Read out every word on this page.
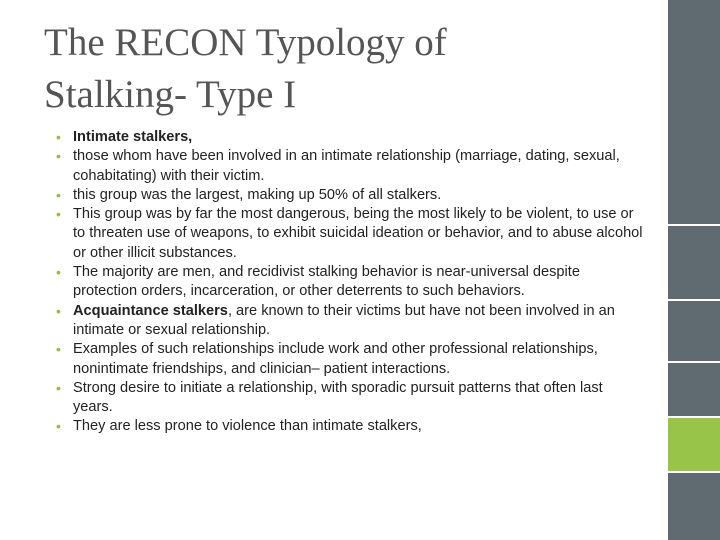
The RECON Typology of
Stalking- Type I
• Intimate stalkers,
• those whom have been involved in an intimate relationship (marriage, dating, sexual, cohabitating) with their victim.
• this group was the largest, making up 50% of all stalkers.
• This group was by far the most dangerous, being the most likely to be violent, to use or to threaten use of weapons, to exhibit suicidal ideation or behavior, and to abuse alcohol or other illicit substances.
• The majority are men, and recidivist stalking behavior is near-universal despite protection orders, incarceration, or other deterrents to such behaviors.
• Acquaintance stalkers, are known to their victims but have not been involved in an intimate or sexual relationship.
• Examples of such relationships include work and other professional relationships, nonintimate friendships, and clinician– patient interactions.
• Strong desire to initiate a relationship, with sporadic pursuit patterns that often last years.
• They are less prone to violence than intimate stalkers,
